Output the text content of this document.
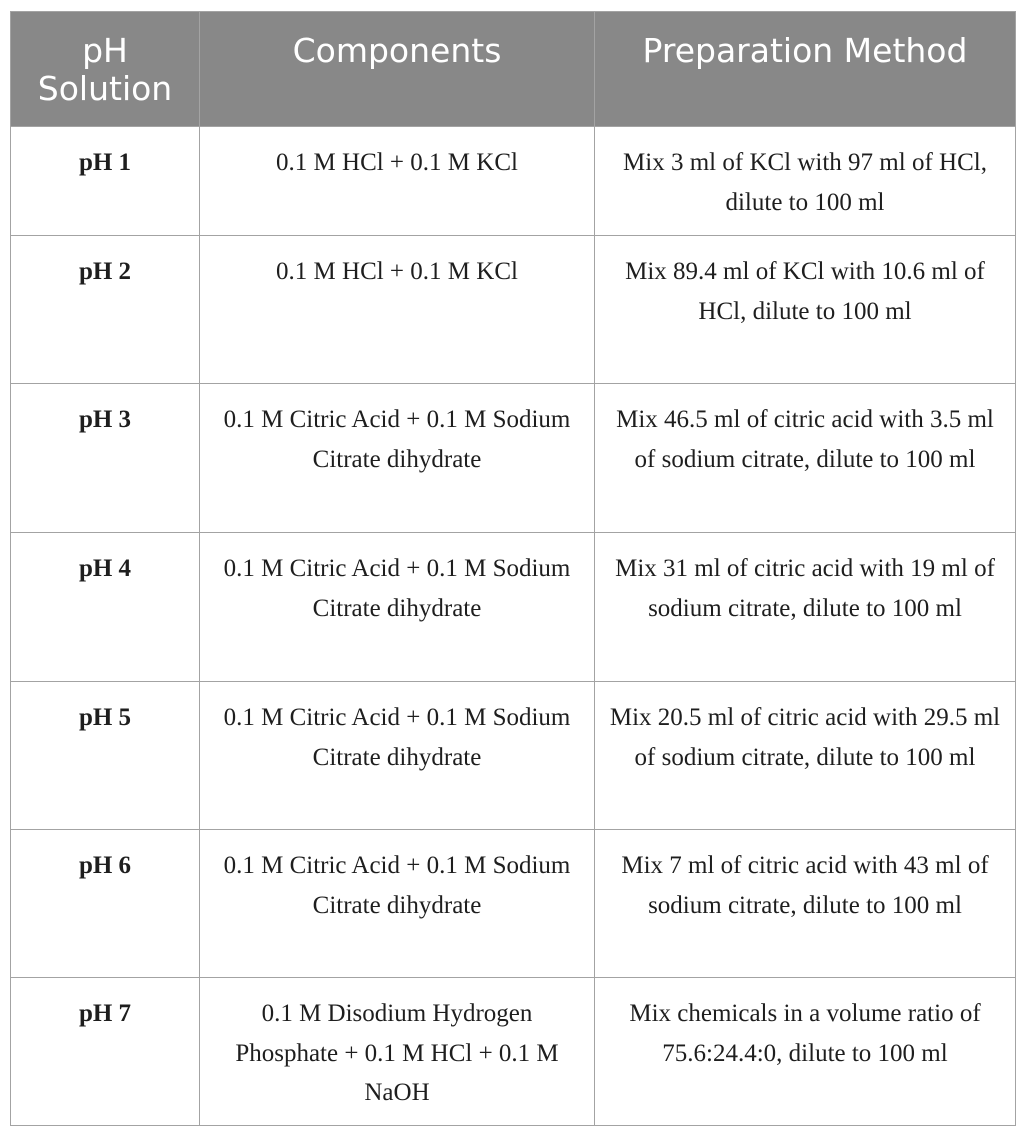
pH
Solution	Components	Preparation Method
pH 1	0.1 M HCl + 0.1 M KCl	Mix 3 ml of KCl with 97 ml of HCl, dilute to 100 ml
pH 2	0.1 M HCl + 0.1 M KCl	Mix 89.4 ml of KCl with 10.6 ml of HCl, dilute to 100 ml
pH 3	0.1 M Citric Acid + 0.1 M Sodium Citrate dihydrate	Mix 46.5 ml of citric acid with 3.5 ml of sodium citrate, dilute to 100 ml
pH 4	0.1 M Citric Acid + 0.1 M Sodium Citrate dihydrate	Mix 31 ml of citric acid with 19 ml of sodium citrate, dilute to 100 ml
pH 5	0.1 M Citric Acid + 0.1 M Sodium Citrate dihydrate	Mix 20.5 ml of citric acid with 29.5 ml of sodium citrate, dilute to 100 ml
pH 6	0.1 M Citric Acid + 0.1 M Sodium Citrate dihydrate	Mix 7 ml of citric acid with 43 ml of sodium citrate, dilute to 100 ml
pH 7	0.1 M Disodium Hydrogen Phosphate + 0.1 M HCl + 0.1 M NaOH	Mix chemicals in a volume ratio of 75.6:24.4:0, dilute to 100 ml
